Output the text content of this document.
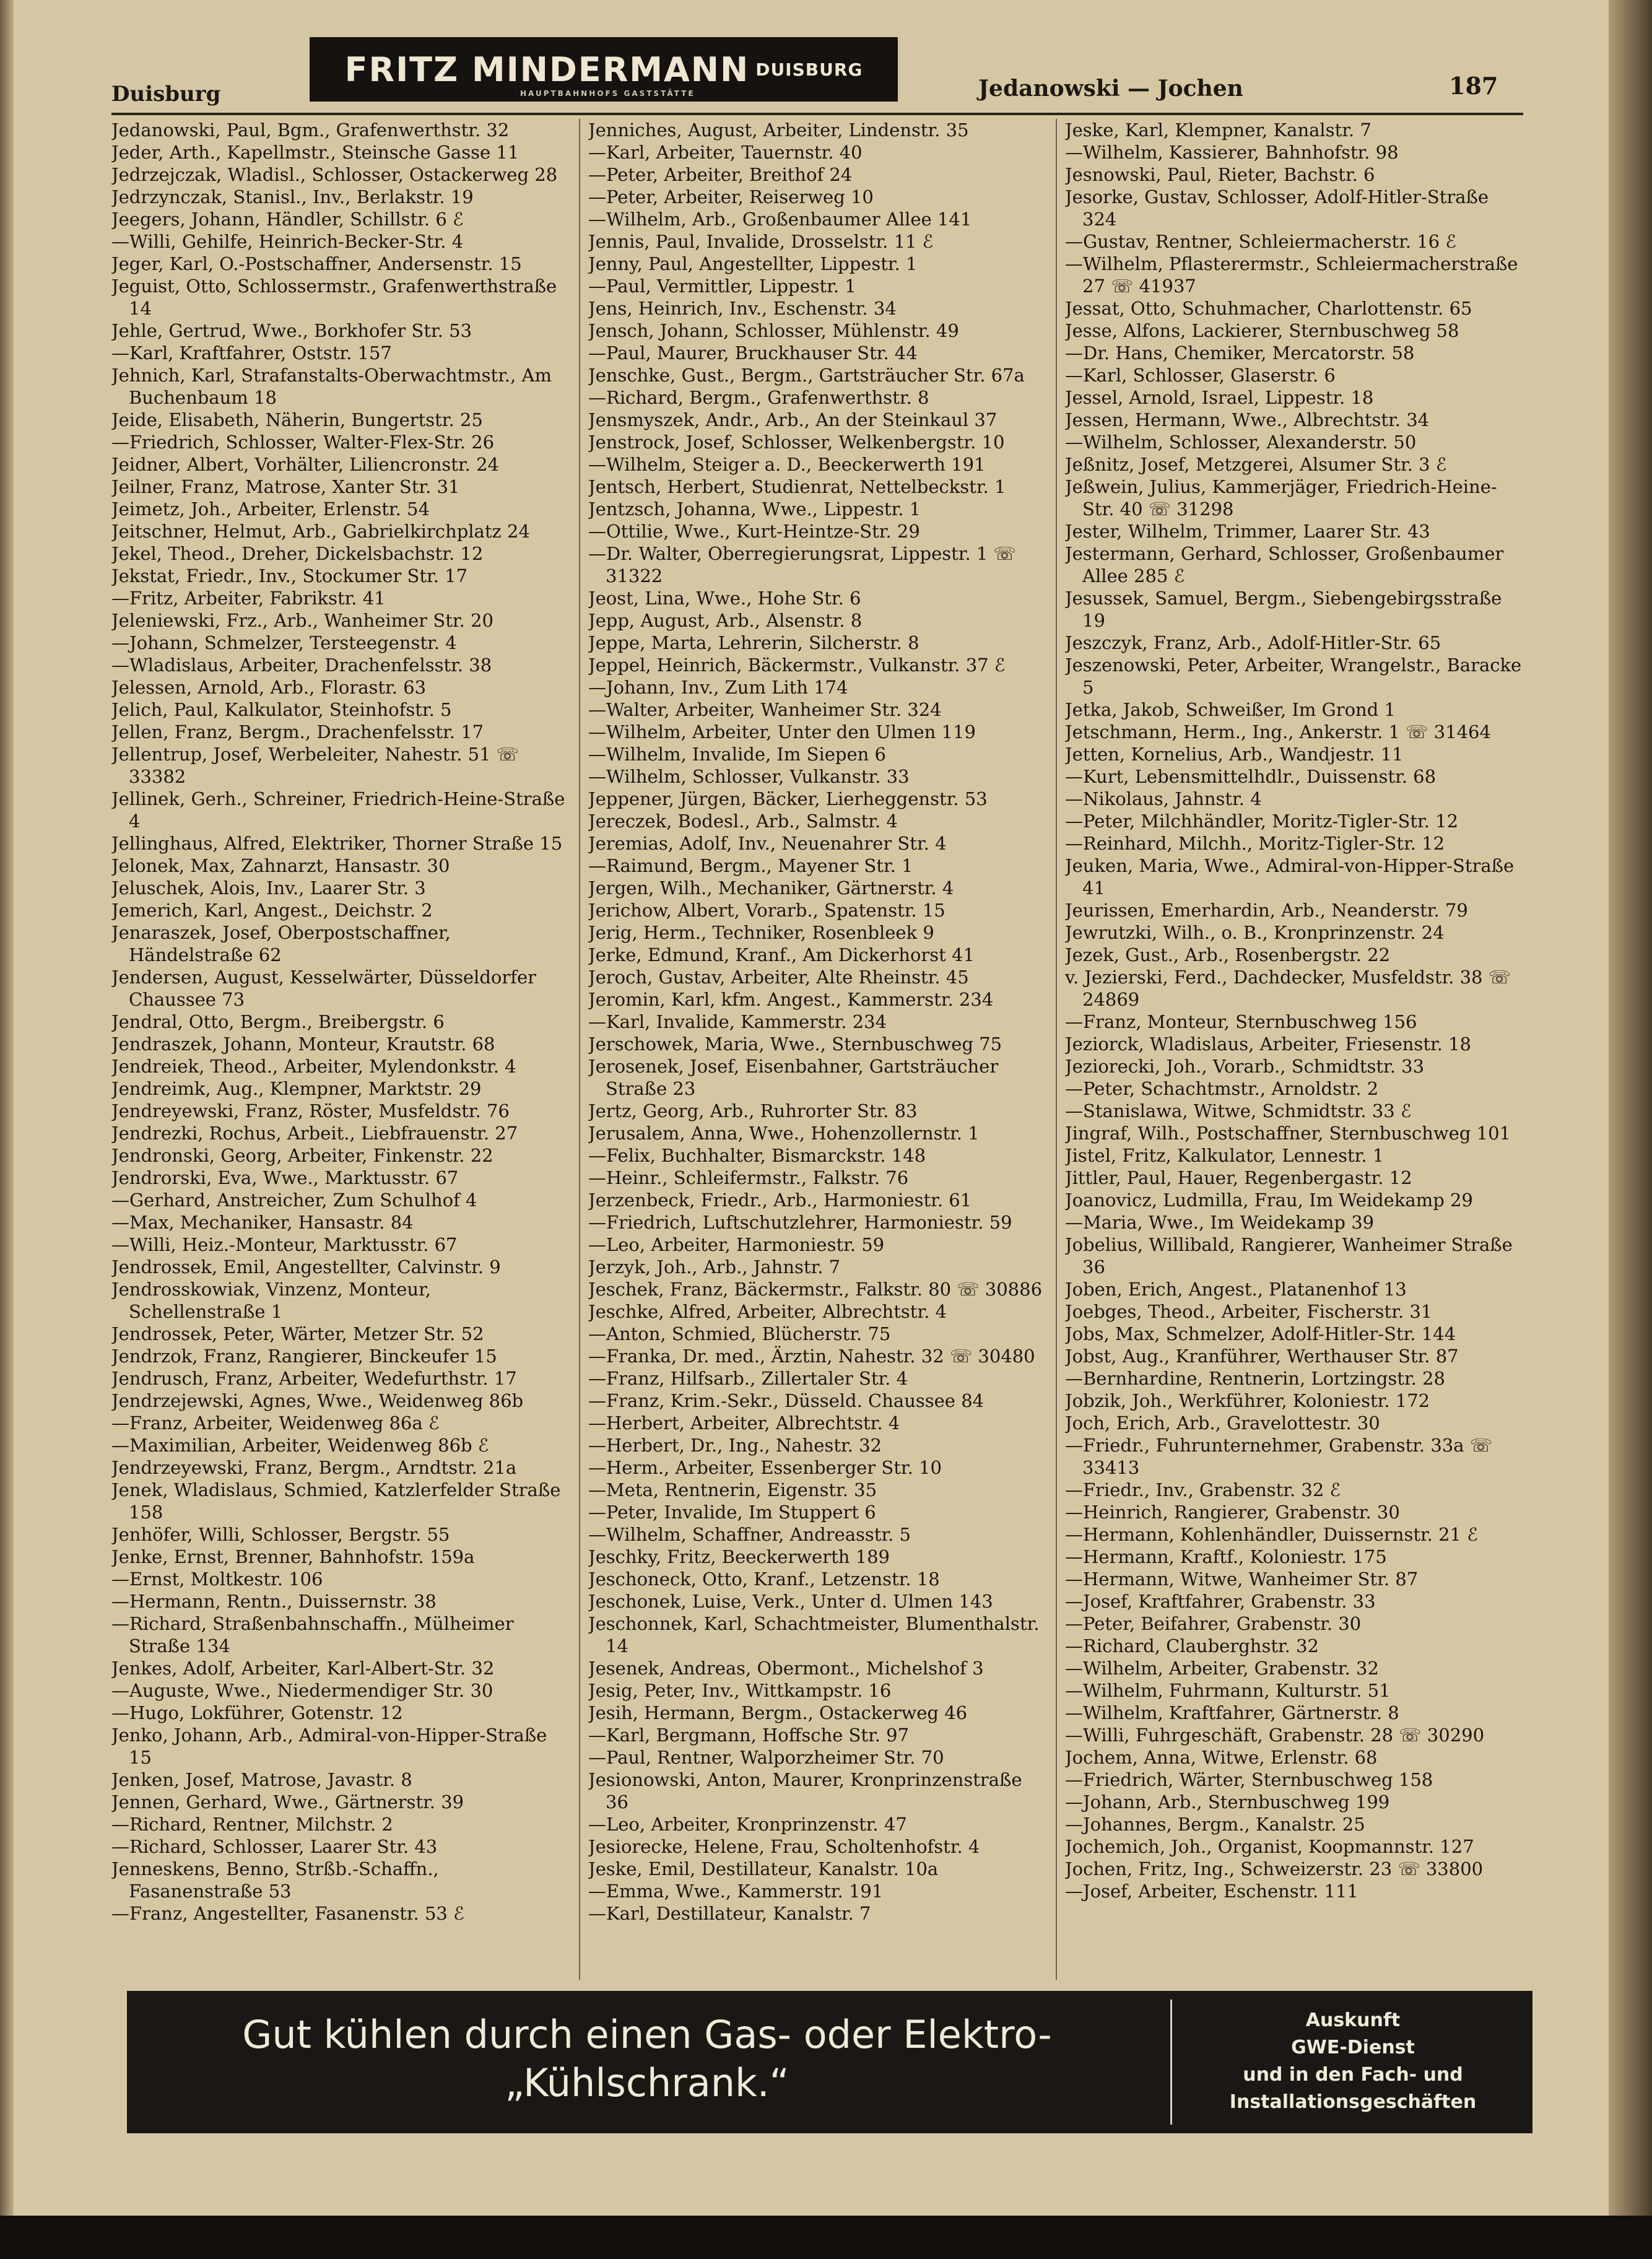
Duisburg
FRITZ MINDERMANN DUISBURG
HAUPTBAHNHOFS GASTSTÄTTE	Jedanowski — Jochen	187

Jedanowski, Paul, Bgm., Grafenwerthstr. 32

Jeder, Arth., Kapellmstr., Steinsche Gasse 11

Jedrzejczak, Wladisl., Schlosser, Ostackerweg 28

Jedrzynczak, Stanisl., Inv., Berlakstr. 19

Jeegers, Johann, Händler, Schillstr. 6 ℰ

—Willi, Gehilfe, Heinrich-Becker-Str. 4

Jeger, Karl, O.-Postschaffner, Andersenstr. 15

Jeguist, Otto, Schlossermstr., Grafenwerthstraße 14

Jehle, Gertrud, Wwe., Borkhofer Str. 53

—Karl, Kraftfahrer, Oststr. 157

Jehnich, Karl, Strafanstalts-Oberwachtmstr., Am Buchenbaum 18

Jeide, Elisabeth, Näherin, Bungertstr. 25

—Friedrich, Schlosser, Walter-Flex-Str. 26

Jeidner, Albert, Vorhälter, Liliencronstr. 24

Jeilner, Franz, Matrose, Xanter Str. 31

Jeimetz, Joh., Arbeiter, Erlenstr. 54

Jeitschner, Helmut, Arb., Gabrielkirchplatz 24

Jekel, Theod., Dreher, Dickelsbachstr. 12

Jekstat, Friedr., Inv., Stockumer Str. 17

—Fritz, Arbeiter, Fabrikstr. 41

Jeleniewski, Frz., Arb., Wanheimer Str. 20

—Johann, Schmelzer, Tersteegenstr. 4

—Wladislaus, Arbeiter, Drachenfelsstr. 38

Jelessen, Arnold, Arb., Florastr. 63

Jelich, Paul, Kalkulator, Steinhofstr. 5

Jellen, Franz, Bergm., Drachenfelsstr. 17

Jellentrup, Josef, Werbeleiter, Nahestr. 51 ☏ 33382

Jellinek, Gerh., Schreiner, Friedrich-Heine-Straße 4

Jellinghaus, Alfred, Elektriker, Thorner Straße 15

Jelonek, Max, Zahnarzt, Hansastr. 30

Jeluschek, Alois, Inv., Laarer Str. 3

Jemerich, Karl, Angest., Deichstr. 2

Jenaraszek, Josef, Oberpostschaffner, Händelstraße 62

Jendersen, August, Kesselwärter, Düsseldorfer Chaussee 73

Jendral, Otto, Bergm., Breibergstr. 6

Jendraszek, Johann, Monteur, Krautstr. 68

Jendreiek, Theod., Arbeiter, Mylendonkstr. 4

Jendreimk, Aug., Klempner, Marktstr. 29

Jendreyewski, Franz, Röster, Musfeldstr. 76

Jendrezki, Rochus, Arbeit., Liebfrauenstr. 27

Jendronski, Georg, Arbeiter, Finkenstr. 22

Jendrorski, Eva, Wwe., Marktusstr. 67

—Gerhard, Anstreicher, Zum Schulhof 4

—Max, Mechaniker, Hansastr. 84

—Willi, Heiz.-Monteur, Marktusstr. 67

Jendrossek, Emil, Angestellter, Calvinstr. 9

Jendrosskowiak, Vinzenz, Monteur, Schellenstraße 1

Jendrossek, Peter, Wärter, Metzer Str. 52

Jendrzok, Franz, Rangierer, Binckeufer 15

Jendrusch, Franz, Arbeiter, Wedefurthstr. 17

Jendrzejewski, Agnes, Wwe., Weidenweg 86b

—Franz, Arbeiter, Weidenweg 86a ℰ

—Maximilian, Arbeiter, Weidenweg 86b ℰ

Jendrzeyewski, Franz, Bergm., Arndtstr. 21a

Jenek, Wladislaus, Schmied, Katzlerfelder Straße 158

Jenhöfer, Willi, Schlosser, Bergstr. 55

Jenke, Ernst, Brenner, Bahnhofstr. 159a

—Ernst, Moltkestr. 106

—Hermann, Rentn., Duissernstr. 38

—Richard, Straßenbahnschaffn., Mülheimer Straße 134

Jenkes, Adolf, Arbeiter, Karl-Albert-Str. 32

—Auguste, Wwe., Niedermendiger Str. 30

—Hugo, Lokführer, Gotenstr. 12

Jenko, Johann, Arb., Admiral-von-Hipper-Straße 15

Jenken, Josef, Matrose, Javastr. 8

Jennen, Gerhard, Wwe., Gärtnerstr. 39

—Richard, Rentner, Milchstr. 2

—Richard, Schlosser, Laarer Str. 43

Jenneskens, Benno, Strßb.-Schaffn., Fasanenstraße 53

—Franz, Angestellter, Fasanenstr. 53 ℰ

Jenniches, August, Arbeiter, Lindenstr. 35

—Karl, Arbeiter, Tauernstr. 40

—Peter, Arbeiter, Breithof 24

—Peter, Arbeiter, Reiserweg 10

—Wilhelm, Arb., Großenbaumer Allee 141

Jennis, Paul, Invalide, Drosselstr. 11 ℰ

Jenny, Paul, Angestellter, Lippestr. 1

—Paul, Vermittler, Lippestr. 1

Jens, Heinrich, Inv., Eschenstr. 34

Jensch, Johann, Schlosser, Mühlenstr. 49

—Paul, Maurer, Bruckhauser Str. 44

Jenschke, Gust., Bergm., Gartsträucher Str. 67a

—Richard, Bergm., Grafenwerthstr. 8

Jensmyszek, Andr., Arb., An der Steinkaul 37

Jenstrock, Josef, Schlosser, Welkenbergstr. 10

—Wilhelm, Steiger a. D., Beeckerwerth 191

Jentsch, Herbert, Studienrat, Nettelbeckstr. 1

Jentzsch, Johanna, Wwe., Lippestr. 1

—Ottilie, Wwe., Kurt-Heintze-Str. 29

—Dr. Walter, Oberregierungsrat, Lippestr. 1 ☏ 31322

Jeost, Lina, Wwe., Hohe Str. 6

Jepp, August, Arb., Alsenstr. 8

Jeppe, Marta, Lehrerin, Silcherstr. 8

Jeppel, Heinrich, Bäckermstr., Vulkanstr. 37 ℰ

—Johann, Inv., Zum Lith 174

—Walter, Arbeiter, Wanheimer Str. 324

—Wilhelm, Arbeiter, Unter den Ulmen 119

—Wilhelm, Invalide, Im Siepen 6

—Wilhelm, Schlosser, Vulkanstr. 33

Jeppener, Jürgen, Bäcker, Lierheggenstr. 53

Jereczek, Bodesl., Arb., Salmstr. 4

Jeremias, Adolf, Inv., Neuenahrer Str. 4

—Raimund, Bergm., Mayener Str. 1

Jergen, Wilh., Mechaniker, Gärtnerstr. 4

Jerichow, Albert, Vorarb., Spatenstr. 15

Jerig, Herm., Techniker, Rosenbleek 9

Jerke, Edmund, Kranf., Am Dickerhorst 41

Jeroch, Gustav, Arbeiter, Alte Rheinstr. 45

Jeromin, Karl, kfm. Angest., Kammerstr. 234

—Karl, Invalide, Kammerstr. 234

Jerschowek, Maria, Wwe., Sternbuschweg 75

Jerosenek, Josef, Eisenbahner, Gartsträucher Straße 23

Jertz, Georg, Arb., Ruhrorter Str. 83

Jerusalem, Anna, Wwe., Hohenzollernstr. 1

—Felix, Buchhalter, Bismarckstr. 148

—Heinr., Schleifermstr., Falkstr. 76

Jerzenbeck, Friedr., Arb., Harmoniestr. 61

—Friedrich, Luftschutzlehrer, Harmoniestr. 59

—Leo, Arbeiter, Harmoniestr. 59

Jerzyk, Joh., Arb., Jahnstr. 7

Jeschek, Franz, Bäckermstr., Falkstr. 80 ☏ 30886

Jeschke, Alfred, Arbeiter, Albrechtstr. 4

—Anton, Schmied, Blücherstr. 75

—Franka, Dr. med., Ärztin, Nahestr. 32 ☏ 30480

—Franz, Hilfsarb., Zillertaler Str. 4

—Franz, Krim.-Sekr., Düsseld. Chaussee 84

—Herbert, Arbeiter, Albrechtstr. 4

—Herbert, Dr., Ing., Nahestr. 32

—Herm., Arbeiter, Essenberger Str. 10

—Meta, Rentnerin, Eigenstr. 35

—Peter, Invalide, Im Stuppert 6

—Wilhelm, Schaffner, Andreasstr. 5

Jeschky, Fritz, Beeckerwerth 189

Jeschoneck, Otto, Kranf., Letzenstr. 18

Jeschonek, Luise, Verk., Unter d. Ulmen 143

Jeschonnek, Karl, Schachtmeister, Blumenthalstr. 14

Jesenek, Andreas, Obermont., Michelshof 3

Jesig, Peter, Inv., Wittkampstr. 16

Jesih, Hermann, Bergm., Ostackerweg 46

—Karl, Bergmann, Hoffsche Str. 97

—Paul, Rentner, Walporzheimer Str. 70

Jesionowski, Anton, Maurer, Kronprinzenstraße 36

—Leo, Arbeiter, Kronprinzenstr. 47

Jesiorecke, Helene, Frau, Scholtenhofstr. 4

Jeske, Emil, Destillateur, Kanalstr. 10a

—Emma, Wwe., Kammerstr. 191

—Karl, Destillateur, Kanalstr. 7

Jeske, Karl, Klempner, Kanalstr. 7

—Wilhelm, Kassierer, Bahnhofstr. 98

Jesnowski, Paul, Rieter, Bachstr. 6

Jesorke, Gustav, Schlosser, Adolf-Hitler-Straße 324

—Gustav, Rentner, Schleiermacherstr. 16 ℰ

—Wilhelm, Pflasterermstr., Schleiermacherstraße 27 ☏ 41937

Jessat, Otto, Schuhmacher, Charlottenstr. 65

Jesse, Alfons, Lackierer, Sternbuschweg 58

—Dr. Hans, Chemiker, Mercatorstr. 58

—Karl, Schlosser, Glaserstr. 6

Jessel, Arnold, Israel, Lippestr. 18

Jessen, Hermann, Wwe., Albrechtstr. 34

—Wilhelm, Schlosser, Alexanderstr. 50

Jeßnitz, Josef, Metzgerei, Alsumer Str. 3 ℰ

Jeßwein, Julius, Kammerjäger, Friedrich-Heine-Str. 40 ☏ 31298

Jester, Wilhelm, Trimmer, Laarer Str. 43

Jestermann, Gerhard, Schlosser, Großenbaumer Allee 285 ℰ

Jesussek, Samuel, Bergm., Siebengebirgsstraße 19

Jeszczyk, Franz, Arb., Adolf-Hitler-Str. 65

Jeszenowski, Peter, Arbeiter, Wrangelstr., Baracke 5

Jetka, Jakob, Schweißer, Im Grond 1

Jetschmann, Herm., Ing., Ankerstr. 1 ☏ 31464

Jetten, Kornelius, Arb., Wandjestr. 11

—Kurt, Lebensmittelhdlr., Duissenstr. 68

—Nikolaus, Jahnstr. 4

—Peter, Milchhändler, Moritz-Tigler-Str. 12

—Reinhard, Milchh., Moritz-Tigler-Str. 12

Jeuken, Maria, Wwe., Admiral-von-Hipper-Straße 41

Jeurissen, Emerhardin, Arb., Neanderstr. 79

Jewrutzki, Wilh., o. B., Kronprinzenstr. 24

Jezek, Gust., Arb., Rosenbergstr. 22

v. Jezierski, Ferd., Dachdecker, Musfeldstr. 38 ☏ 24869

—Franz, Monteur, Sternbuschweg 156

Jeziorck, Wladislaus, Arbeiter, Friesenstr. 18

Jeziorecki, Joh., Vorarb., Schmidtstr. 33

—Peter, Schachtmstr., Arnoldstr. 2

—Stanislawa, Witwe, Schmidtstr. 33 ℰ

Jingraf, Wilh., Postschaffner, Sternbuschweg 101

Jistel, Fritz, Kalkulator, Lennestr. 1

Jittler, Paul, Hauer, Regenbergastr. 12

Joanovicz, Ludmilla, Frau, Im Weidekamp 29

—Maria, Wwe., Im Weidekamp 39

Jobelius, Willibald, Rangierer, Wanheimer Straße 36

Joben, Erich, Angest., Platanenhof 13

Joebges, Theod., Arbeiter, Fischerstr. 31

Jobs, Max, Schmelzer, Adolf-Hitler-Str. 144

Jobst, Aug., Kranführer, Werthauser Str. 87

—Bernhardine, Rentnerin, Lortzingstr. 28

Jobzik, Joh., Werkführer, Koloniestr. 172

Joch, Erich, Arb., Gravelottestr. 30

—Friedr., Fuhrunternehmer, Grabenstr. 33a ☏ 33413

—Friedr., Inv., Grabenstr. 32 ℰ

—Heinrich, Rangierer, Grabenstr. 30

—Hermann, Kohlenhändler, Duissernstr. 21 ℰ

—Hermann, Kraftf., Koloniestr. 175

—Hermann, Witwe, Wanheimer Str. 87

—Josef, Kraftfahrer, Grabenstr. 33

—Peter, Beifahrer, Grabenstr. 30

—Richard, Clauberghstr. 32

—Wilhelm, Arbeiter, Grabenstr. 32

—Wilhelm, Fuhrmann, Kulturstr. 51

—Wilhelm, Kraftfahrer, Gärtnerstr. 8

—Willi, Fuhrgeschäft, Grabenstr. 28 ☏ 30290

Jochem, Anna, Witwe, Erlenstr. 68

—Friedrich, Wärter, Sternbuschweg 158

—Johann, Arb., Sternbuschweg 199

—Johannes, Bergm., Kanalstr. 25

Jochemich, Joh., Organist, Koopmannstr. 127

Jochen, Fritz, Ing., Schweizerstr. 23 ☏ 33800

—Josef, Arbeiter, Eschenstr. 111

Gut kühlen durch einen Gas- oder Elektro-
„Kühlschrank.“
Auskunft
GWE-Dienst
und in den Fach- und
Installationsgeschäften
